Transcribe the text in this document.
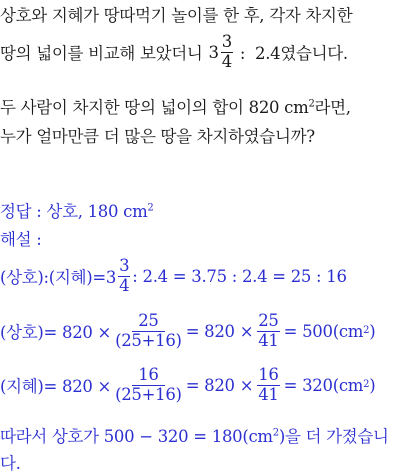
상호와 지혜가 땅따먹기 놀이를 한 후, 각자 차지한
땅의 넓이를 비교해 보았더니 $3 \frac{3}{4}$ :  2.4였습니다.
두 사람이 차지한 땅의 넓이의 합이 820 $cm^2$라면,
누가 얼마만큼 더 많은 땅을 차지하였습니까?
정답 : 상호, 180 $cm^2$
해설 :
(상호):(지혜)$=3 \frac{3}{4}$ : 2.4 = 3.75 : 2.4 = 25 : 16
(상호)= $820 \times \frac{25}{(25+16)} = 820 \times \frac{25}{41} = 500(cm$ 2 )
(지혜)= $820 \times \frac{16}{(25+16)} = 820 \times \frac{16}{41} = 320(cm$ 2 )
따라서 상호가 $500 - 320 = 180(cm^2)$을 더 가졌습니
다.
